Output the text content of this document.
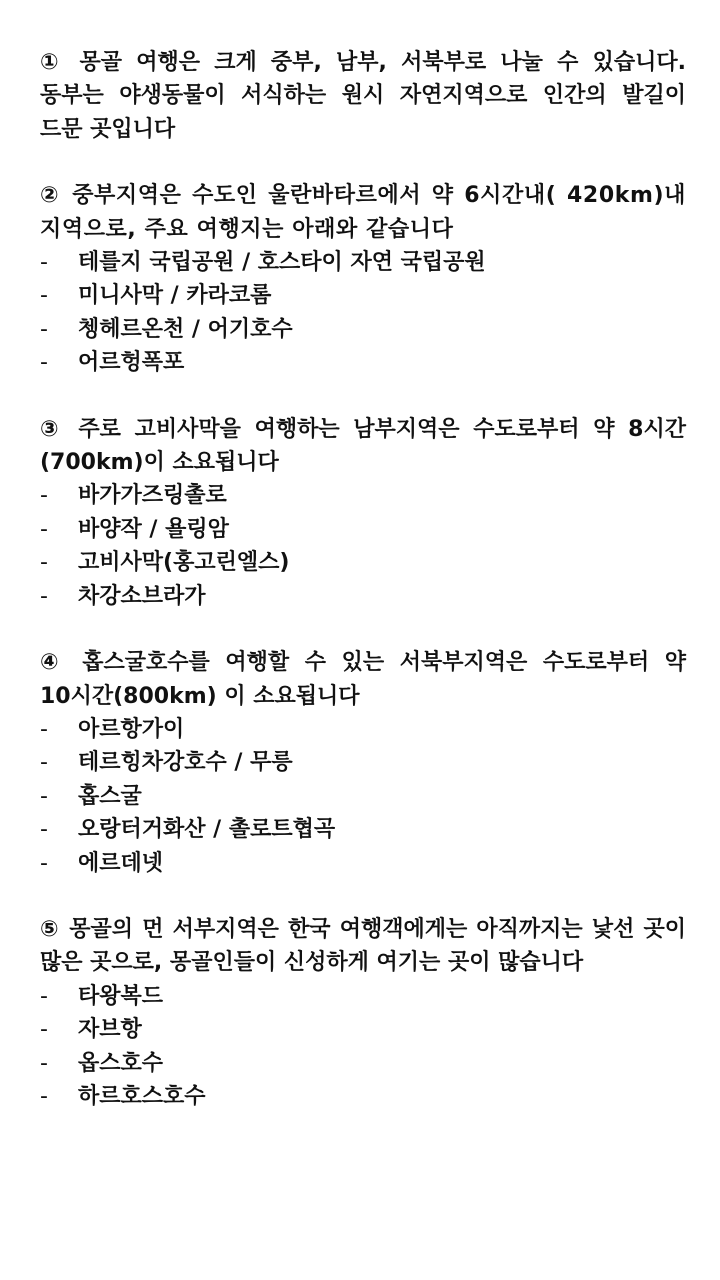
① 몽골 여행은 크게 중부, 남부, 서북부로 나눌 수 있습니다. 동부는 야생동물이 서식하는 원시 자연지역으로 인간의 발길이 드문 곳입니다

② 중부지역은 수도인 울란바타르에서 약 6시간내( 420km)내 지역으로, 주요 여행지는 아래와 같습니다

-	테를지 국립공원 / 호스타이 자연 국립공원
-	미니사막 / 카라코롬
-	쳉헤르온천 / 어기호수
-	어르헝폭포

③ 주로 고비사막을 여행하는 남부지역은 수도로부터 약 8시간(700km)이 소요됩니다

-	바가가즈링촐로
-	바양작 / 욜링암
-	고비사막(홍고린엘스)
-	차강소브라가

④ 홉스굴호수를 여행할 수 있는 서북부지역은 수도로부터 약 10시간(800km) 이 소요됩니다

-	아르항가이
-	테르힝차강호수 / 무릉
-	홉스굴
-	오랑터거화산 / 촐로트협곡
-	에르데넷

⑤ 몽골의 먼 서부지역은 한국 여행객에게는 아직까지는 낯선 곳이 많은 곳으로, 몽골인들이 신성하게 여기는 곳이 많습니다

-	타왕복드
-	자브항
-	옵스호수
-	하르호스호수
